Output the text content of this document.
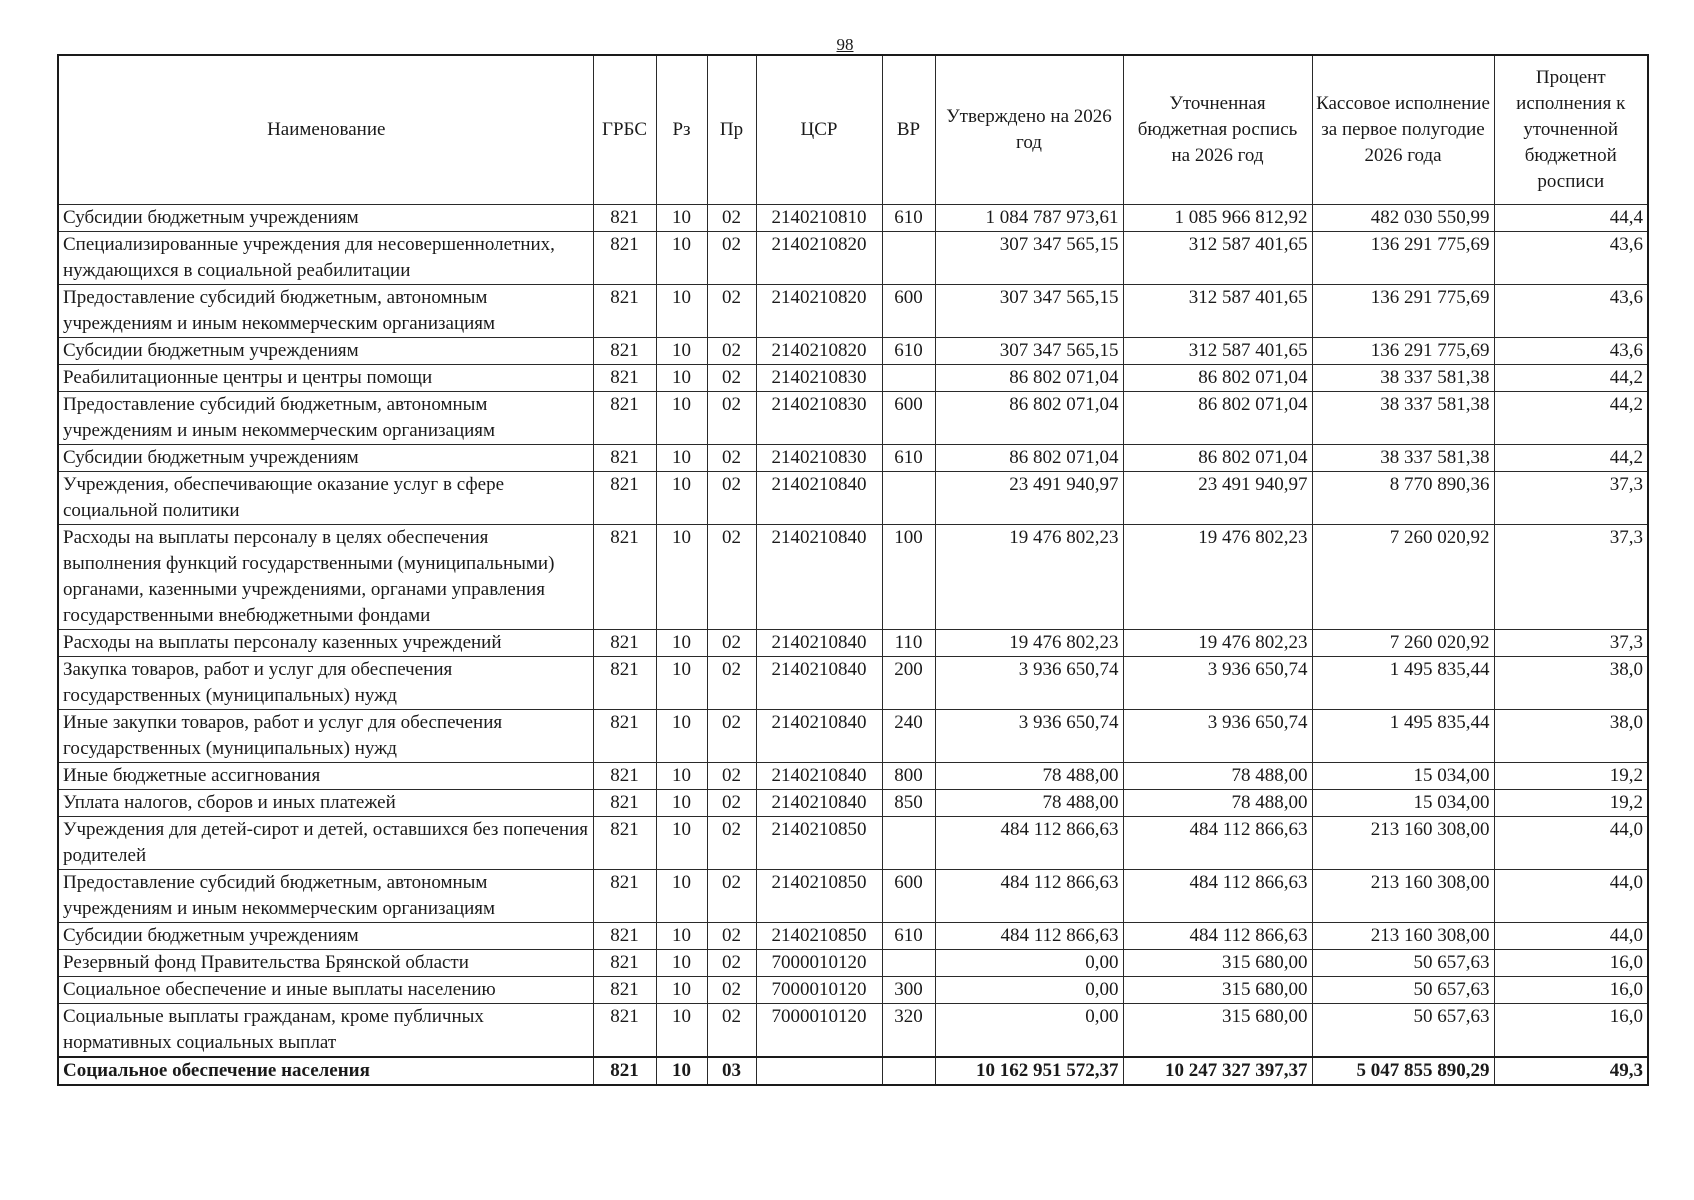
98
Наименование	ГРБС	Рз	Пр	ЦСР	ВР	Утверждено на 2026 год	Уточненная бюджетная роспись на 2026 год	Кассовое исполнение за первое полугодие 2026 года	Процент исполнения к уточненной бюджетной росписи
Субсидии бюджетным учреждениям	821	10	02	2140210810	610	1 084 787 973,61	1 085 966 812,92	482 030 550,99	44,4
Специализированные учреждения для несовершеннолетних, нуждающихся в социальной реабилитации	821	10	02	2140210820		307 347 565,15	312 587 401,65	136 291 775,69	43,6
Предоставление субсидий бюджетным, автономным учреждениям и иным некоммерческим организациям	821	10	02	2140210820	600	307 347 565,15	312 587 401,65	136 291 775,69	43,6
Субсидии бюджетным учреждениям	821	10	02	2140210820	610	307 347 565,15	312 587 401,65	136 291 775,69	43,6
Реабилитационные центры и центры помощи	821	10	02	2140210830		86 802 071,04	86 802 071,04	38 337 581,38	44,2
Предоставление субсидий бюджетным, автономным учреждениям и иным некоммерческим организациям	821	10	02	2140210830	600	86 802 071,04	86 802 071,04	38 337 581,38	44,2
Субсидии бюджетным учреждениям	821	10	02	2140210830	610	86 802 071,04	86 802 071,04	38 337 581,38	44,2
Учреждения, обеспечивающие оказание услуг в сфере социальной политики	821	10	02	2140210840		23 491 940,97	23 491 940,97	8 770 890,36	37,3
Расходы на выплаты персоналу в целях обеспечения выполнения функций государственными (муниципальными) органами, казенными учреждениями, органами управления государственными внебюджетными фондами	821	10	02	2140210840	100	19 476 802,23	19 476 802,23	7 260 020,92	37,3
Расходы на выплаты персоналу казенных учреждений	821	10	02	2140210840	110	19 476 802,23	19 476 802,23	7 260 020,92	37,3
Закупка товаров, работ и услуг для обеспечения государственных (муниципальных) нужд	821	10	02	2140210840	200	3 936 650,74	3 936 650,74	1 495 835,44	38,0
Иные закупки товаров, работ и услуг для обеспечения государственных (муниципальных) нужд	821	10	02	2140210840	240	3 936 650,74	3 936 650,74	1 495 835,44	38,0
Иные бюджетные ассигнования	821	10	02	2140210840	800	78 488,00	78 488,00	15 034,00	19,2
Уплата налогов, сборов и иных платежей	821	10	02	2140210840	850	78 488,00	78 488,00	15 034,00	19,2
Учреждения для детей-сирот и детей, оставшихся без попечения родителей	821	10	02	2140210850		484 112 866,63	484 112 866,63	213 160 308,00	44,0
Предоставление субсидий бюджетным, автономным учреждениям и иным некоммерческим организациям	821	10	02	2140210850	600	484 112 866,63	484 112 866,63	213 160 308,00	44,0
Субсидии бюджетным учреждениям	821	10	02	2140210850	610	484 112 866,63	484 112 866,63	213 160 308,00	44,0
Резервный фонд Правительства Брянской области	821	10	02	7000010120		0,00	315 680,00	50 657,63	16,0
Социальное обеспечение и иные выплаты населению	821	10	02	7000010120	300	0,00	315 680,00	50 657,63	16,0
Социальные выплаты гражданам, кроме публичных нормативных социальных выплат	821	10	02	7000010120	320	0,00	315 680,00	50 657,63	16,0
Социальное обеспечение населения	821	10	03			10 162 951 572,37	10 247 327 397,37	5 047 855 890,29	49,3
